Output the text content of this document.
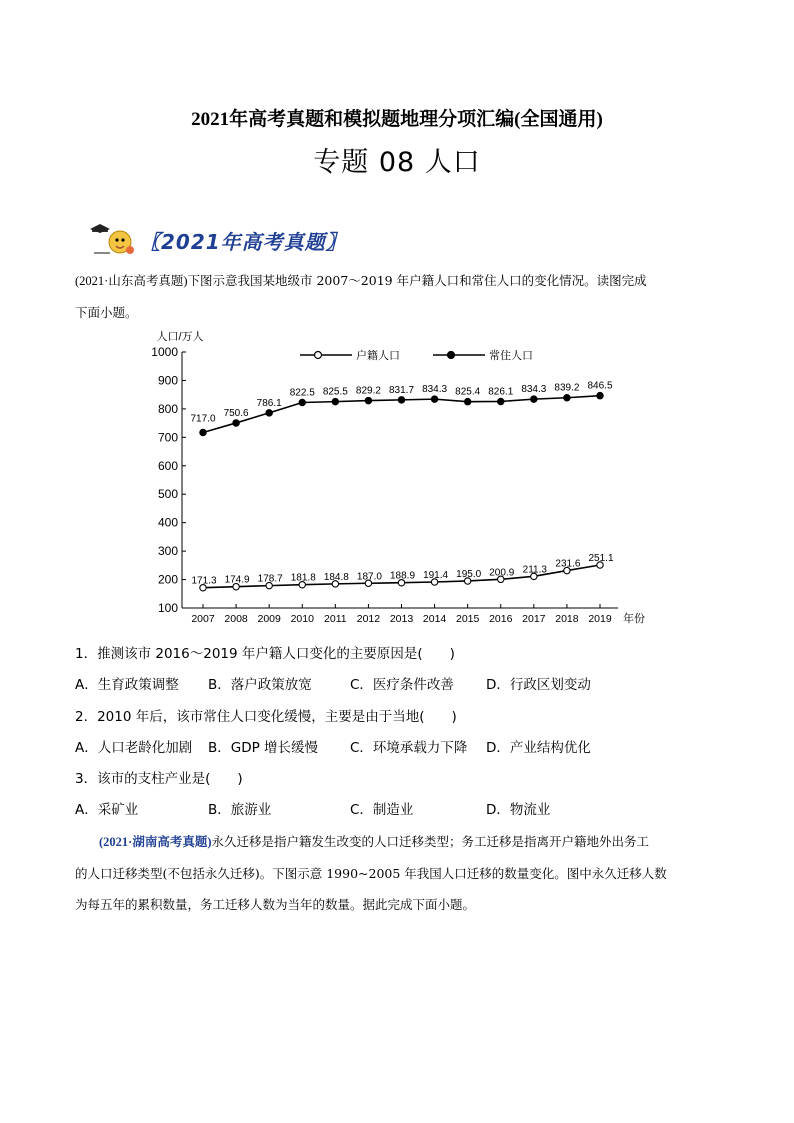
2021年高考真题和模拟题地理分项汇编(全国通用)
专题 08 人口
〖2021年高考真题〗
(2021·山东高考真题)下图示意我国某地级市 2007～2019 年户籍人口和常住人口的变化情况。读图完成
下面小题。
100
200
300
400
500
600
700
800
900
1000
2007 2008 2009 2010 2011 2012 2013 2014 2015 2016 2017 2018 2019
人口/万人
年份
户籍人口	常住人口
171.3 174.9 178.7 181.8 184.8 187.0 188.9 191.4 195.0 200.9 211.3
231.6
251.1
717.0
750.6
786.1
822.5 825.5 829.2 831.7 834.3 825.4 826.1 834.3 839.2 846.5
1．推测该市 2016～2019 年户籍人口变化的主要原因是(　　)
A．生育政策调整 B．落户政策放宽	C．医疗条件改善 D．行政区划变动
2．2010 年后，该市常住人口变化缓慢，主要是由于当地(　　)
A．人口老龄化加剧 B．GDP 增长缓慢 C．环境承载力下降 D．产业结构优化
3．该市的支柱产业是(　　)
A．采矿业	B．旅游业	C．制造业	D．物流业
(2021·湖南高考真题)永久迁移是指户籍发生改变的人口迁移类型；务工迁移是指离开户籍地外出务工
的人口迁移类型(不包括永久迁移)。下图示意 1990~2005 年我国人口迁移的数量变化。图中永久迁移人数
为每五年的累积数量，务工迁移人数为当年的数量。据此完成下面小题。
